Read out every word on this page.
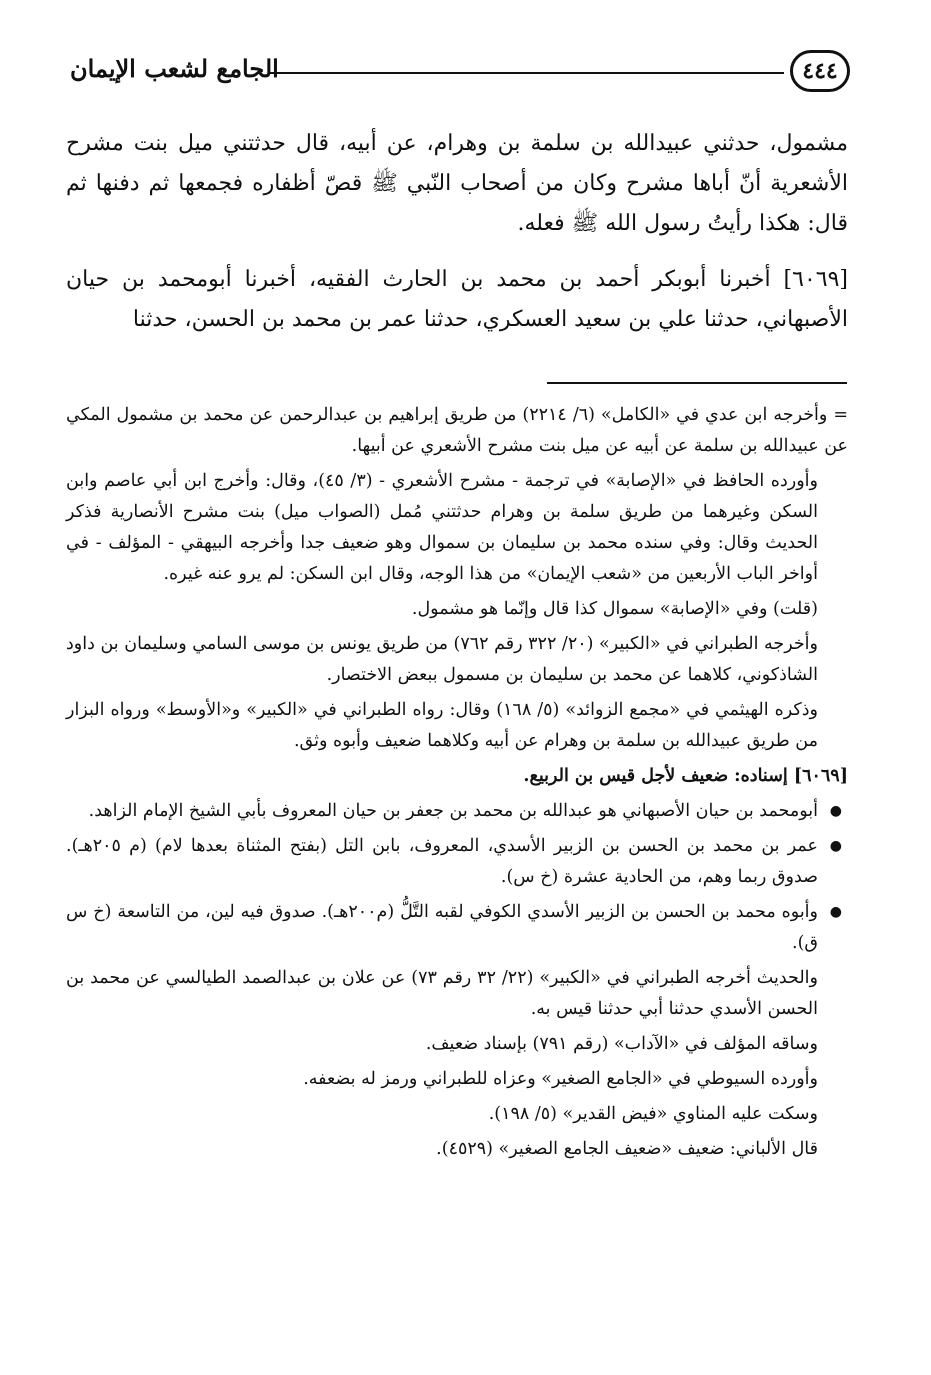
الجامع لشعب الإيمان	٤٤٤

مشمول، حدثني عبيدالله بن سلمة بن وهرام، عن أبيه، قال حدثتني ميل بنت مشرح الأشعرية أنّ أباها مشرح وكان من أصحاب النّبي ﷺ قصّ أظفاره فجمعها ثم دفنها ثم قال: هكذا رأيتُ رسول الله ﷺ فعله.

[٦٠٦٩] أخبرنا أبوبكر أحمد بن محمد بن الحارث الفقيه، أخبرنا أبومحمد بن حيان الأصبهاني، حدثنا علي بن سعيد العسكري، حدثنا عمر بن محمد بن الحسن، حدثنا

= وأخرجه ابن عدي في «الكامل» (٦/ ٢٢١٤) من طريق إبراهيم بن عبدالرحمن عن محمد بن مشمول المكي عن عبيدالله بن سلمة عن أبيه عن ميل بنت مشرح الأشعري عن أبيها.

وأورده الحافظ في «الإصابة» في ترجمة - مشرح الأشعري - (٣/ ٤٥)، وقال: وأخرج ابن أبي عاصم وابن السكن وغيرهما من طريق سلمة بن وهرام حدثتني مُمل (الصواب ميل) بنت مشرح الأنصارية فذكر الحديث وقال: وفي سنده محمد بن سليمان بن سموال وهو ضعيف جدا وأخرجه البيهقي - المؤلف - في أواخر الباب الأربعين من «شعب الإيمان» من هذا الوجه، وقال ابن السكن: لم يرو عنه غيره.

(قلت) وفي «الإصابة» سموال كذا قال وإنّما هو مشمول.

وأخرجه الطبراني في «الكبير» (٢٠/ ٣٢٢ رقم ٧٦٢) من طريق يونس بن موسى السامي وسليمان بن داود الشاذكوني، كلاهما عن محمد بن سليمان بن مسمول ببعض الاختصار.

وذكره الهيثمي في «مجمع الزوائد» (٥/ ١٦٨) وقال: رواه الطبراني في «الكبير» و«الأوسط» ورواه البزار من طريق عبيدالله بن سلمة بن وهرام عن أبيه وكلاهما ضعيف وأبوه وثق.

[٦٠٦٩] إسناده: ضعيف لأجل قيس بن الربيع.

●
أبومحمد بن حيان الأصبهاني هو عبدالله بن محمد بن جعفر بن حيان المعروف بأبي الشيخ الإمام الزاهد.

●
عمر بن محمد بن الحسن بن الزبير الأسدي، المعروف، بابن التل (بفتح المثناة بعدها لام) (م ٢٠٥هـ). صدوق ربما وهم، من الحادية عشرة (خ س).

●
وأبوه محمد بن الحسن بن الزبير الأسدي الكوفي لقبه التَّلُّ (م٢٠٠هـ). صدوق فيه لين، من التاسعة (خ س ق).

والحديث أخرجه الطبراني في «الكبير» (٢٢/ ٣٢ رقم ٧٣) عن علان بن عبدالصمد الطيالسي عن محمد بن الحسن الأسدي حدثنا أبي حدثنا قيس به.

وساقه المؤلف في «الآداب» (رقم ٧٩١) بإسناد ضعيف.

وأورده السيوطي في «الجامع الصغير» وعزاه للطبراني ورمز له بضعفه.

وسكت عليه المناوي «فيض القدير» (٥/ ١٩٨).

قال الألباني: ضعيف «ضعيف الجامع الصغير» (٤٥٢٩).
